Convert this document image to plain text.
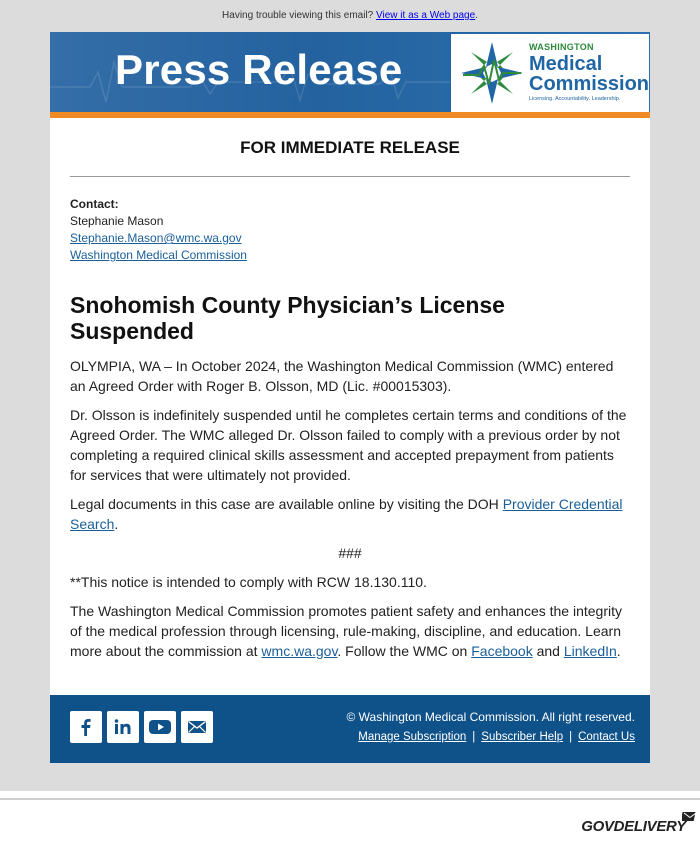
Having trouble viewing this email? View it as a Web page.
Press Release	WASHINGTON
Medical
Commission
Licensing. Accountability. Leadership.
FOR IMMEDIATE RELEASE
Contact:
Stephanie Mason
Stephanie.Mason@wmc.wa.gov
Washington Medical Commission
Snohomish County Physician’s License Suspended

OLYMPIA, WA – In October 2024, the Washington Medical Commission (WMC) entered an Agreed Order with Roger B. Olsson, MD (Lic. #00015303).

Dr. Olsson is indefinitely suspended until he completes certain terms and conditions of the Agreed Order. The WMC alleged Dr. Olsson failed to comply with a previous order by not completing a required clinical skills assessment and accepted prepayment from patients for services that were ultimately not provided.

Legal documents in this case are available online by visiting the DOH Provider Credential Search.

###

**This notice is intended to comply with RCW 18.130.110.

The Washington Medical Commission promotes patient safety and enhances the integrity of the medical profession through licensing, rule-making, discipline, and education. Learn more about the commission at wmc.wa.gov. Follow the WMC on Facebook and LinkedIn.

© Washington Medical Commission. All right reserved.
Manage Subscription | Subscriber Help | Contact Us
GOVDELIVERY
